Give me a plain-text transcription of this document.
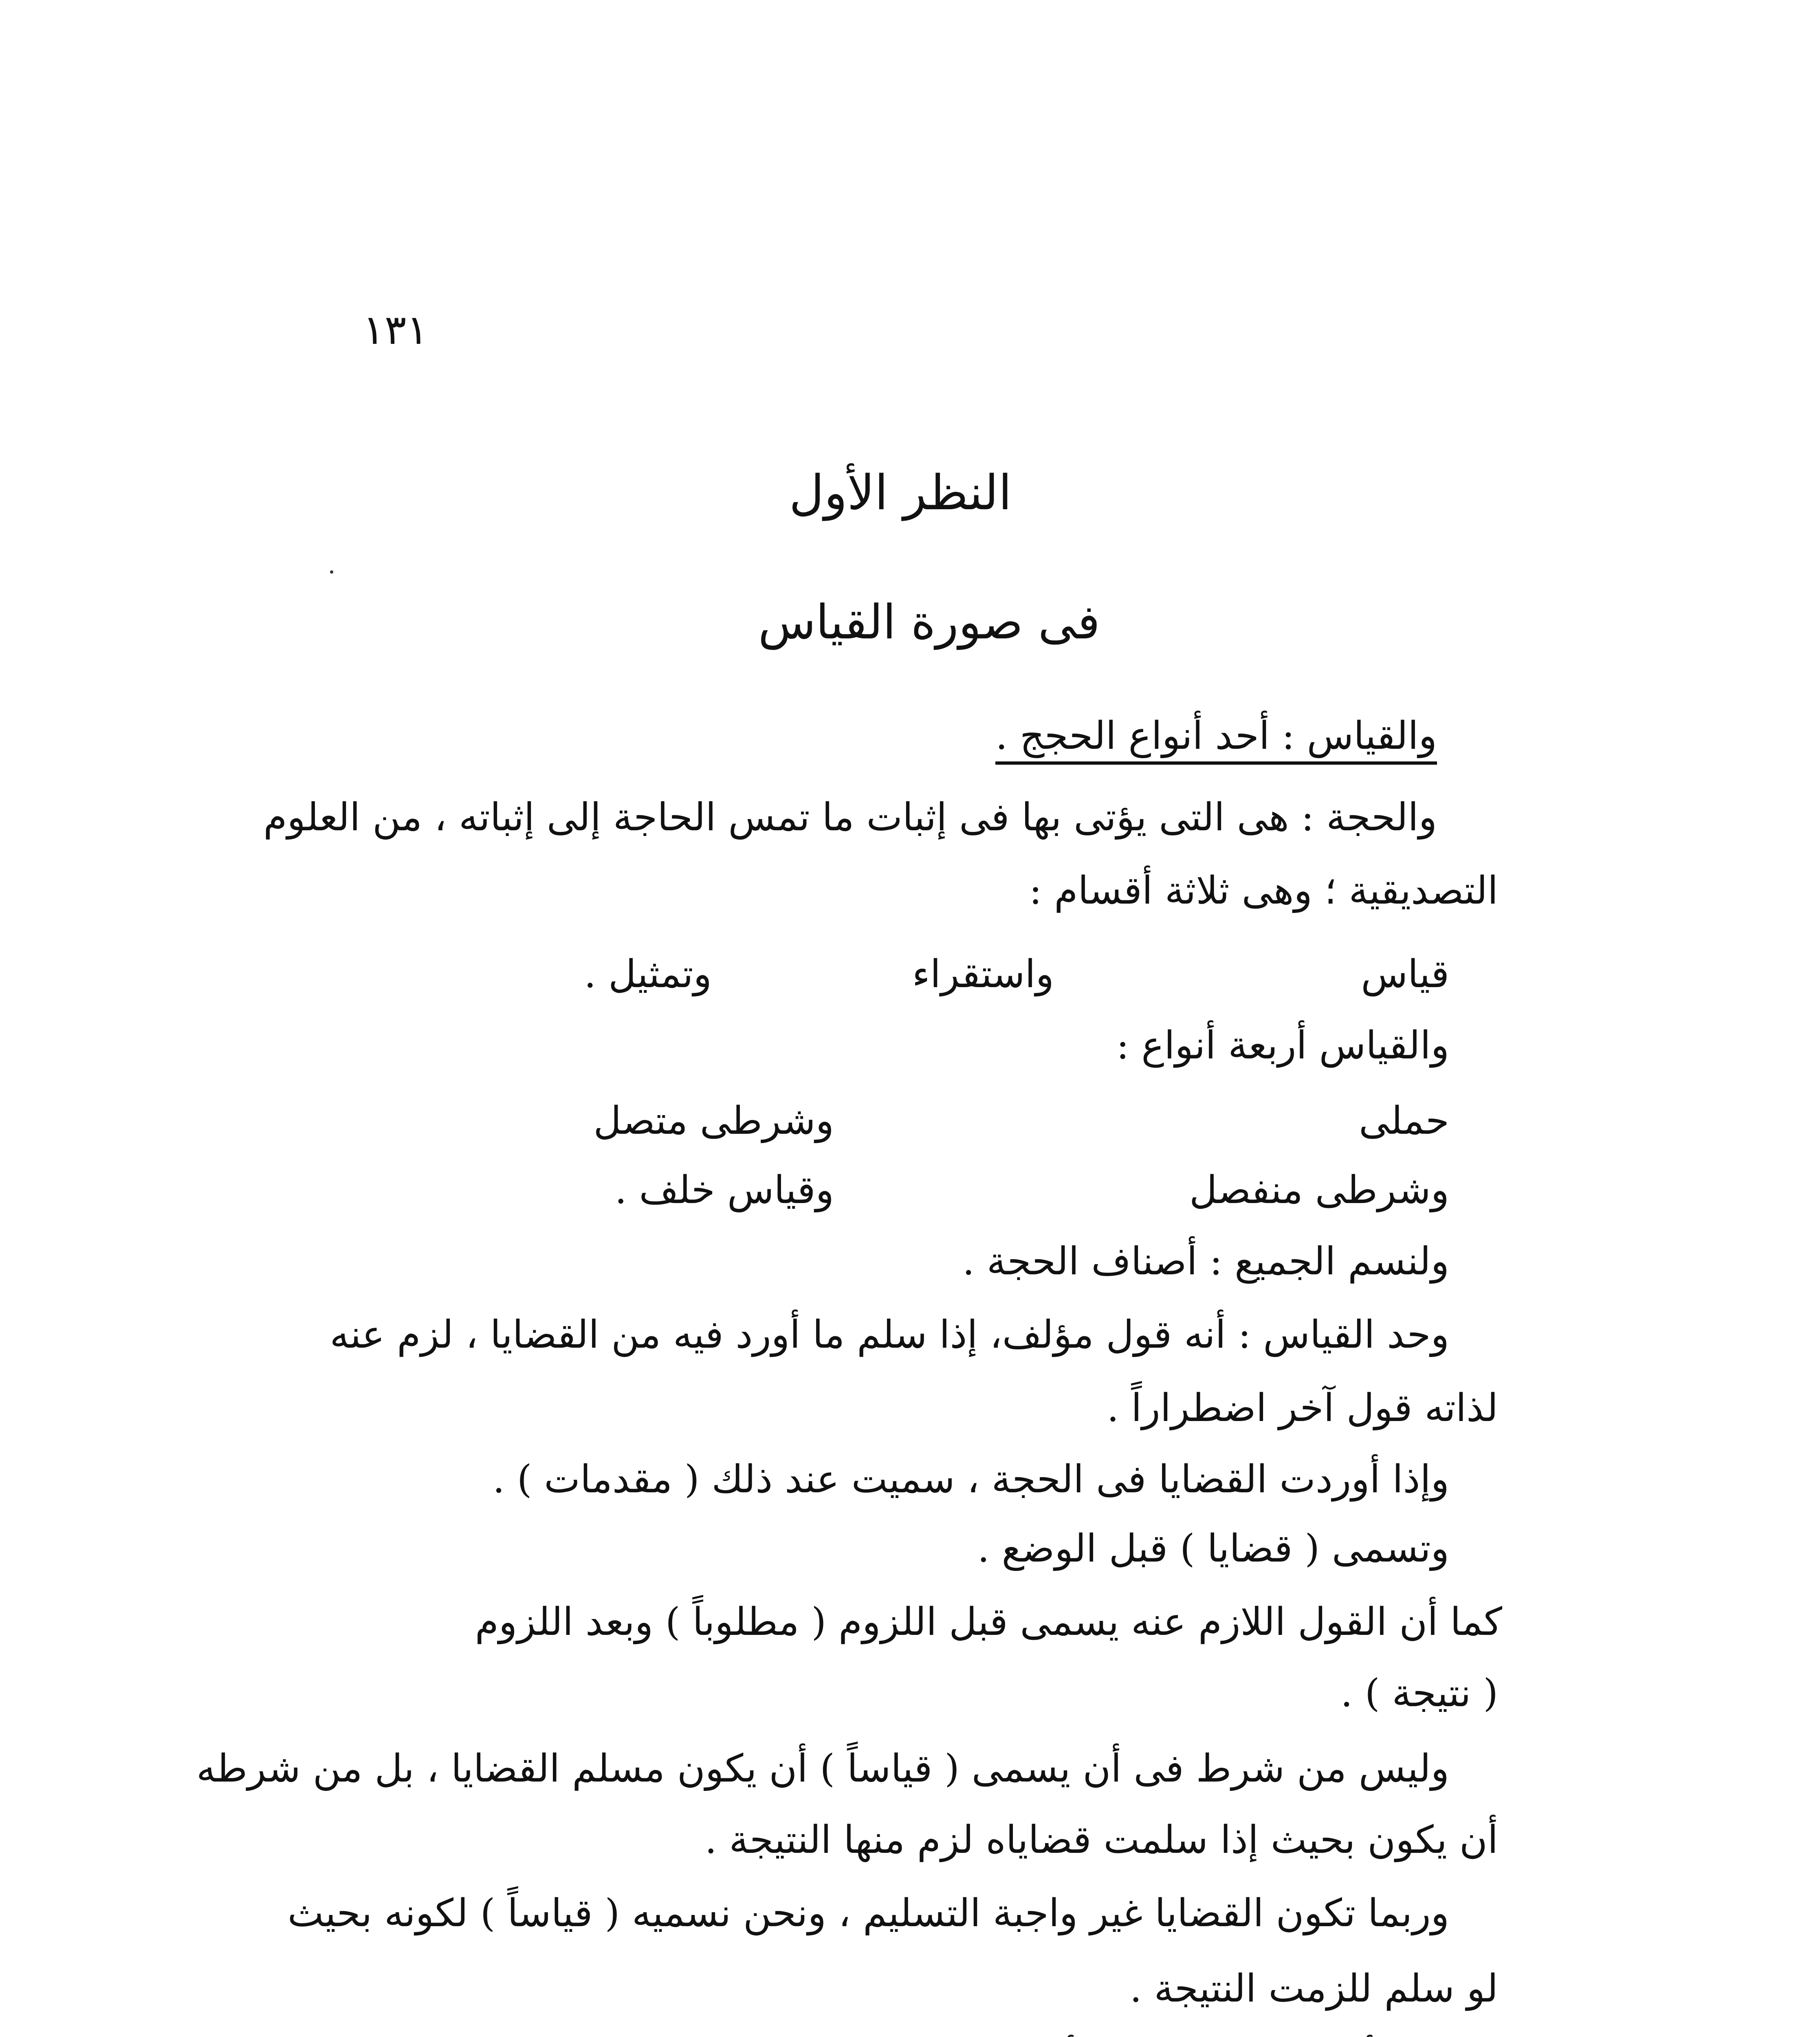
١٣١
النظر الأول
فى صورة القياس
والقياس : أحد أنواع الحجج .
والحجة : هى التى يؤتى بها فى إثبات ما تمس الحاجة إلى إثباته ، من العلوم
التصديقية ؛ وهى ثلاثة أقسام :
قياس
واستقراء
وتمثيل .
والقياس أربعة أنواع :
حملى
وشرطى متصل
وشرطى منفصل
وقياس خلف .
ولنسم الجميع : أصناف الحجة .
وحد القياس : أنه قول مؤلف، إذا سلم ما أورد فيه من القضايا ، لزم عنه
لذاته قول آخر اضطراراً .
وإذا أوردت القضايا فى الحجة ، سميت عند ذلك ( مقدمات ) .
وتسمى ( قضايا ) قبل الوضع .
كما أن القول اللازم عنه يسمى قبل اللزوم ( مطلوباً ) وبعد اللزوم
( نتيجة ) .
وليس من شرط فى أن يسمى ( قياساً ) أن يكون مسلم القضايا ، بل من شرطه
أن يكون بحيث إذا سلمت قضاياه لزم منها النتيجة .
وربما تكون القضايا غير واجبة التسليم ، ونحن نسميه ( قياساً ) لكونه بحيث
لو سلم للزمت النتيجة .
